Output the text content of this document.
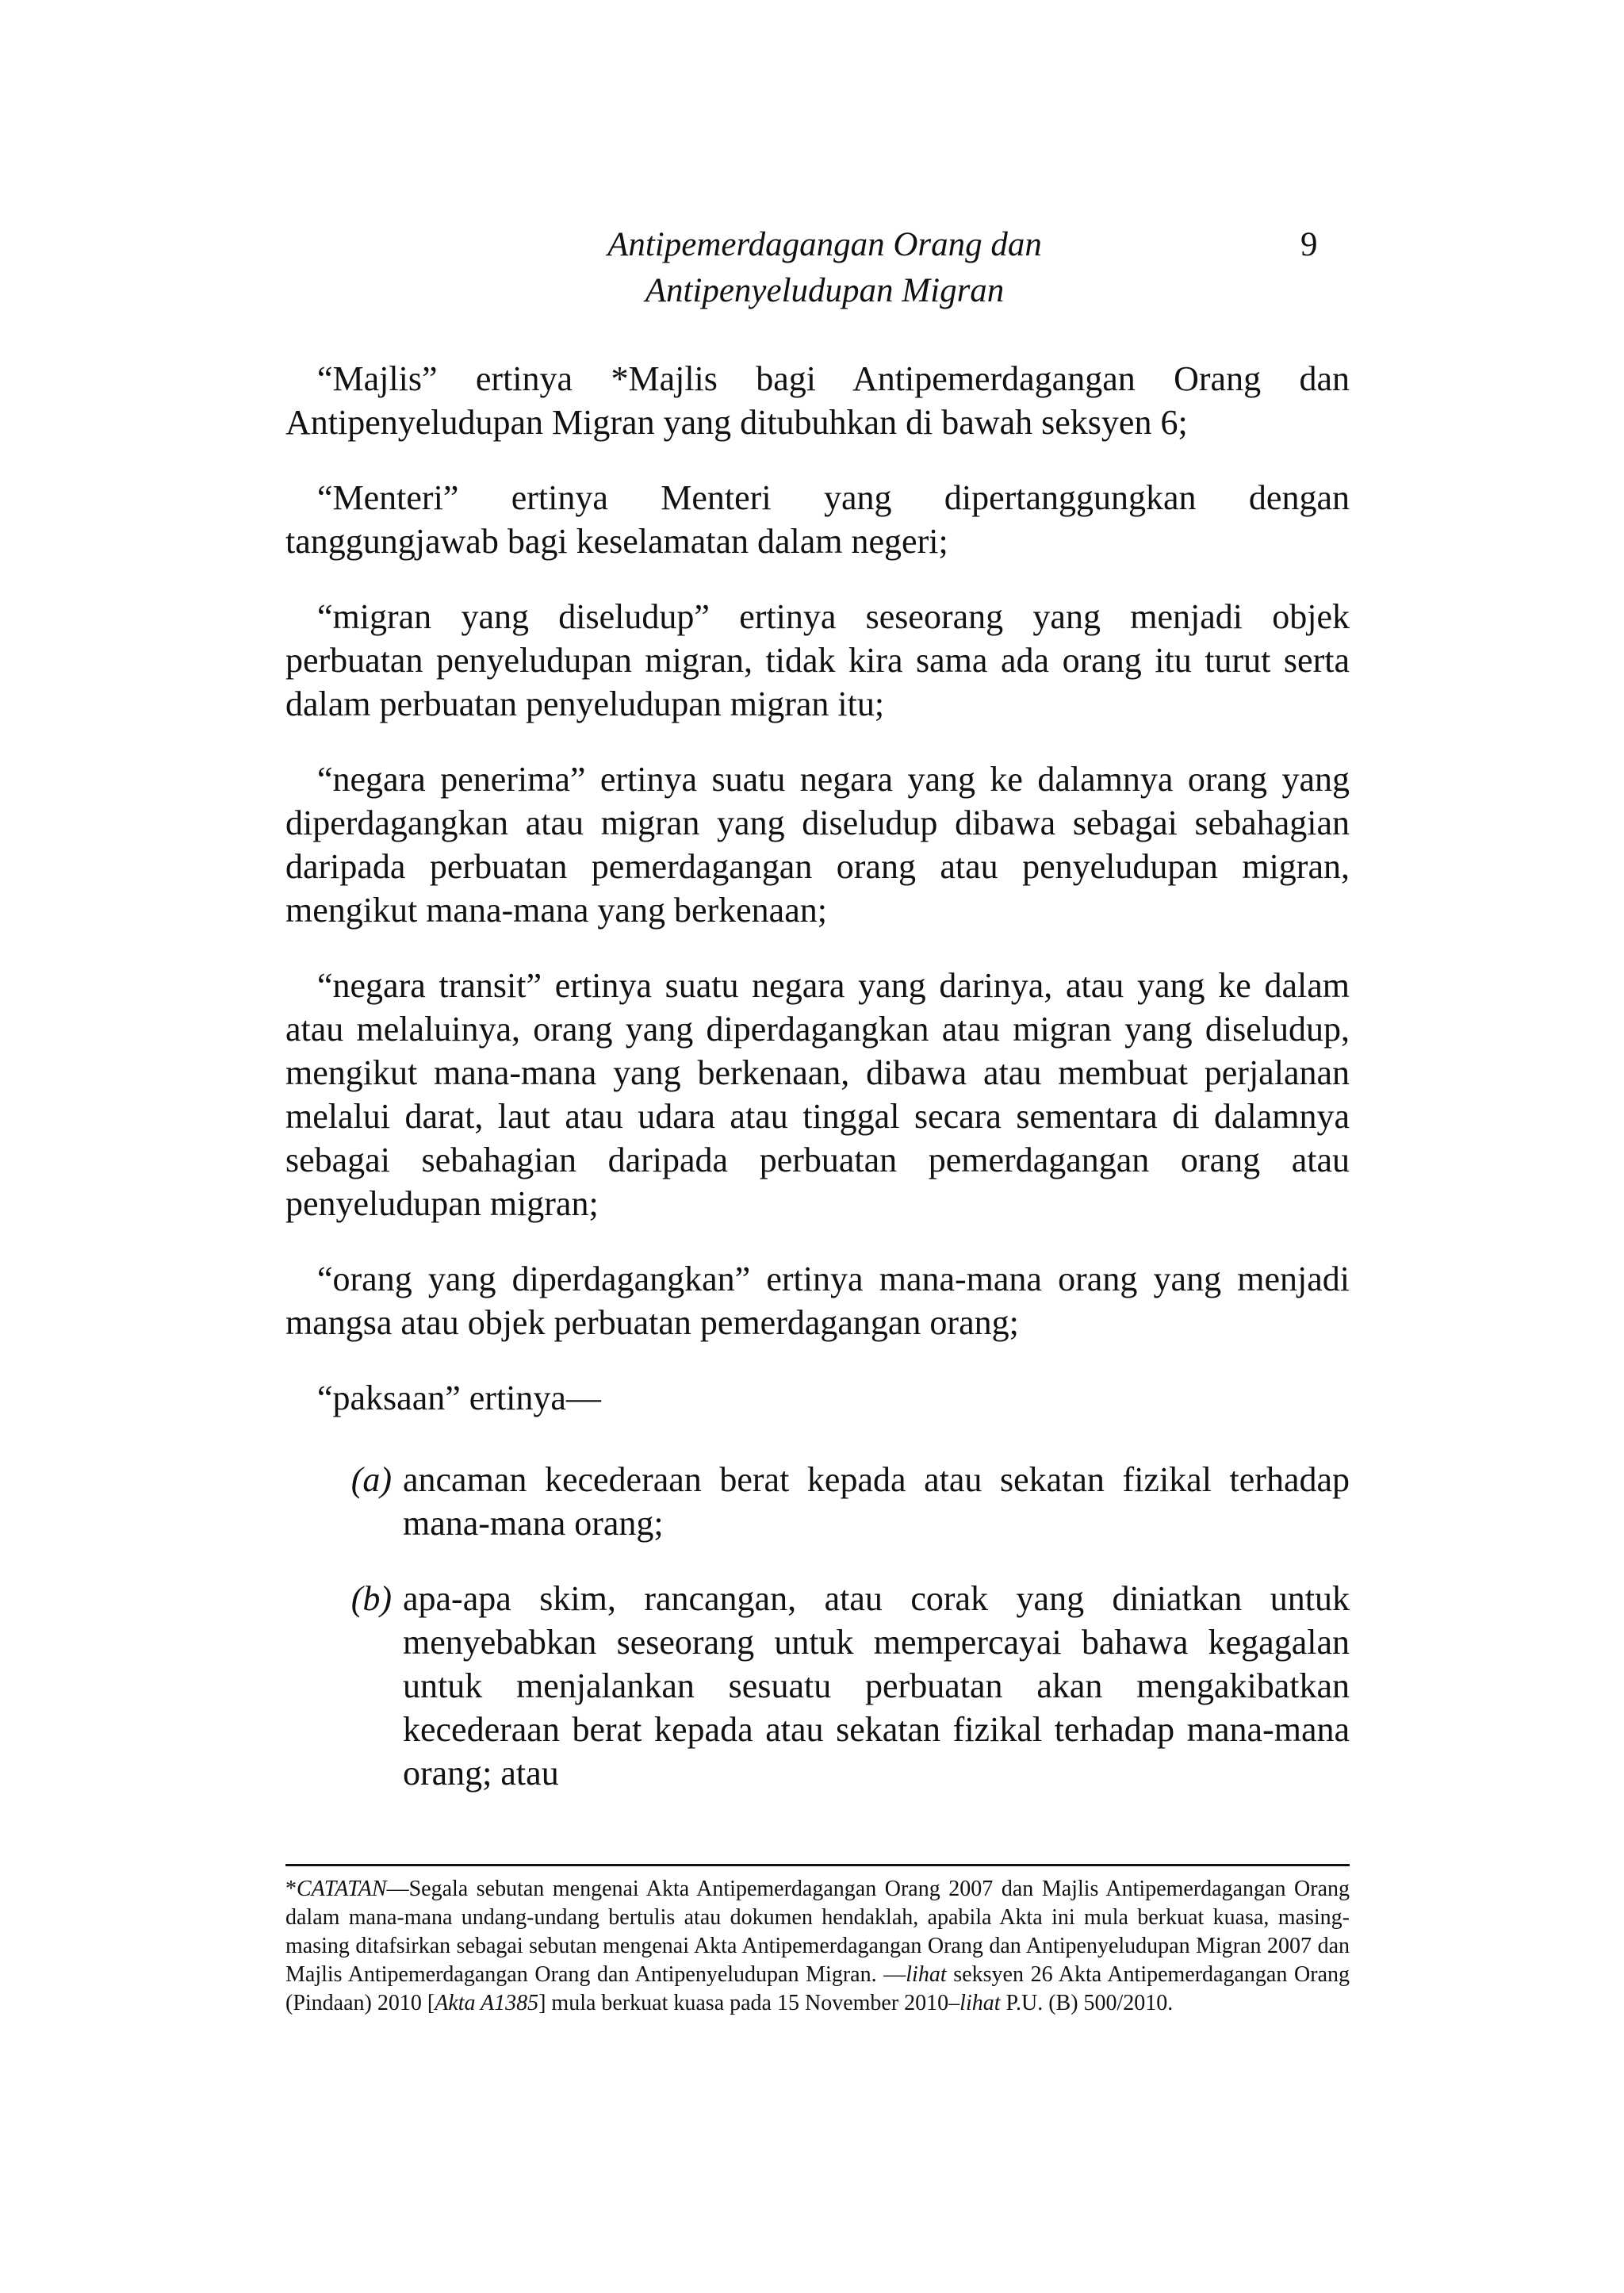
Antipemerdagangan Orang dan
Antipenyeludupan Migran
9

“Majlis” ertinya *Majlis bagi Antipemerdagangan Orang dan Antipenyeludupan Migran yang ditubuhkan di bawah seksyen 6;

“Menteri” ertinya Menteri yang dipertanggungkan dengan tanggungjawab bagi keselamatan dalam negeri;

“migran yang diseludup” ertinya seseorang yang menjadi objek perbuatan penyeludupan migran, tidak kira sama ada orang itu turut serta dalam perbuatan penyeludupan migran itu;

“negara penerima” ertinya suatu negara yang ke dalamnya orang yang diperdagangkan atau migran yang diseludup dibawa sebagai sebahagian daripada perbuatan pemerdagangan orang atau penyeludupan migran, mengikut mana-mana yang berkenaan;

“negara transit” ertinya suatu negara yang darinya, atau yang ke dalam atau melaluinya, orang yang diperdagangkan atau migran yang diseludup, mengikut mana-mana yang berkenaan, dibawa atau membuat perjalanan melalui darat, laut atau udara atau tinggal secara sementara di dalamnya sebagai sebahagian daripada perbuatan pemerdagangan orang atau penyeludupan migran;

“orang yang diperdagangkan” ertinya mana-mana orang yang menjadi mangsa atau objek perbuatan pemerdagangan orang;

“paksaan” ertinya—

(a) ancaman kecederaan berat kepada atau sekatan fizikal terhadap mana-mana orang;
(b) apa-apa skim, rancangan, atau corak yang diniatkan untuk menyebabkan seseorang untuk mempercayai bahawa kegagalan untuk menjalankan sesuatu perbuatan akan mengakibatkan kecederaan berat kepada atau sekatan fizikal terhadap mana-mana orang; atau
*CATATAN—Segala sebutan mengenai Akta Antipemerdagangan Orang 2007 dan Majlis Antipemerdagangan Orang dalam mana-mana undang-undang bertulis atau dokumen hendaklah, apabila Akta ini mula berkuat kuasa, masing-masing ditafsirkan sebagai sebutan mengenai Akta Antipemerdagangan Orang dan Antipenyeludupan Migran 2007 dan Majlis Antipemerdagangan Orang dan Antipenyeludupan Migran. —lihat seksyen 26 Akta Antipemerdagangan Orang (Pindaan) 2010 [Akta A1385] mula berkuat kuasa pada 15 November 2010–lihat P.U. (B) 500/2010.
